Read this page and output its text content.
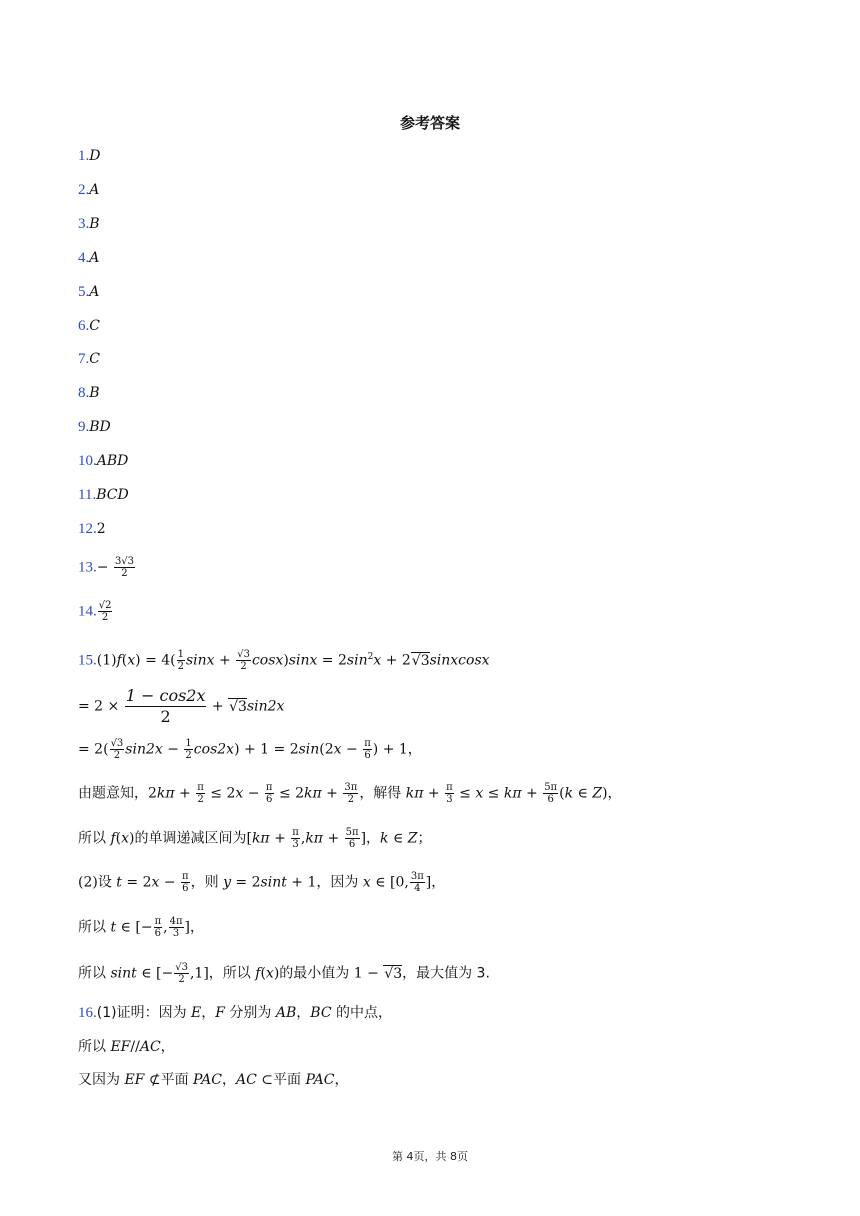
参考答案
1.D
2.A
3.B
4.A
5.A
6.C
7.C
8.B
9.BD
10.ABD
11.BCD
12.2
$13.- \frac{3√3}{2}$
14. $\frac{√2}{2}$
$15.(1)f(x) = 4( \frac{1}{2}$ $\sin x + \frac{√3}{2} \cos x)\sin x = 2\sin^2x$ + 2√3sinxcosx
= $2 \times \frac{1 - \cos 2x}{2} + √3\sin 2x$
= $2( \frac{√3}{2} \sin 2x - \frac{1}{2} \cos 2x) + 1 = 2\sin(2x - \frac{\pi}{6}$ ) + 1，
由题意知，$2k\pi + \frac{\pi}{2} \le 2x - \frac{\pi}{6} \le 2k\pi + \frac{3\pi}{2}$ ，解得 $k\pi + \frac{\pi}{3} \le x \le k\pi + \frac{5\pi}{6} (k$ ∈ Z)，
所以 f(x)的单调递减区间为[$k\pi + \frac{\pi}{3} ,k\pi + \frac{5\pi}{6}$ ]，k ∈ Z；
(2)设 $t = 2x - \frac{\pi}{6}$ ，则 y = 2sint + 1，因为 x ∈ [0, $\frac{3\pi}{4}$ ]，
所以 t ∈ [− $\frac{\pi}{6}$ , $\frac{4\pi}{3}$ ]，
所以 sint ∈ [− $\frac{√3}{2} ,1$]，所以 f(x)的最小值为 1 − √3，最大值为 3.
16.(1)证明：因为 E，F 分别为 AB，BC 的中点，
所以 EF//AC，
又因为 EF ⊄平面 PAC，AC ⊂平面 PAC，
第 4页，共 8页
